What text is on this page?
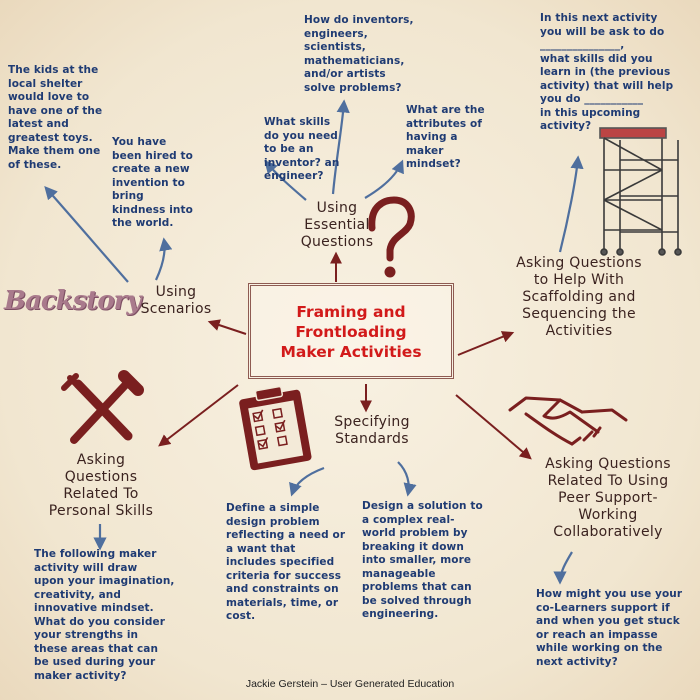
Framing and

Frontloading

Maker Activities

Backstory	Using
Scenarios
Using
Essential
Questions
Asking Questions
to Help With
Scaffolding and
Sequencing the
Activities
Asking
Questions
Related To
Personal Skills
Specifying
Standards
Asking Questions
Related To Using
Peer Support-
Working
Collaboratively
The kids at the
local shelter
would love to
have one of the
latest and
greatest toys.
Make them one
of these.
You have
been hired to
create a new
invention to
bring
kindness into
the world.
How do inventors,
engineers,
scientists,
mathematicians,
and/or artists
solve problems?
What skills
do you need
to be an
inventor? an
engineer?
What are the
attributes of
having a
maker
mindset?
In this next activity
you will be ask to do
_______________,
what skills did you
learn in (the previous
activity) that will help
you do ___________
in this upcoming
activity?
Define a simple
design problem
reflecting a need or
a want that
includes specified
criteria for success
and constraints on
materials, time, or
cost.
Design a solution to
a complex real-
world problem by
breaking it down
into smaller, more
manageable
problems that can
be solved through
engineering.
The following maker
activity will draw
upon your imagination,
creativity, and
innovative mindset.
What do you consider
your strengths in
these areas that can
be used during your
maker activity?
How might you use your
co-Learners support if
and when you get stuck
or reach an impasse
while working on the
next activity?

Jackie Gerstein – User Generated Education
